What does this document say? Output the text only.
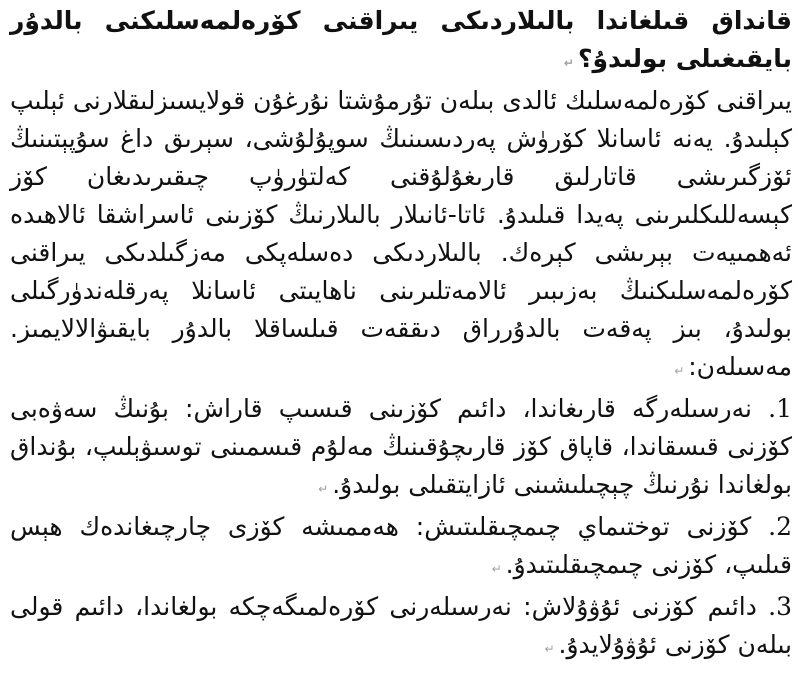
قانداق قىلغاندا بالىلاردىكى يىراقنى كۆرەلمەسلىكنى بالدۇر بايقىغىلى بولىدۇ؟↵

يىراقنى كۆرەلمەسلىك ئالدى بىلەن تۇرمۇشتا نۇرغۇن قولايسىزلىقلارنى ئېلىپ كېلىدۇ. يەنە ئاسانلا كۆرۈش پەردىسىنىڭ سوپۇلۇشى، سېرىق داغ سۇپېتىنىڭ ئۆزگىرىشى قاتارلىق قارىغۇلۇقنى كەلتۈرۈپ چىقىرىدىغان كۆز كېسەللىكلىرىنى پەيدا قىلىدۇ. ئاتا-ئانىلار بالىلارنىڭ كۆزىنى ئاسراشقا ئالاھىدە ئەھمىيەت بېرىشى كېرەك. بالىلاردىكى دەسلەپكى مەزگىلدىكى يىراقنى كۆرەلمەسلىكنىڭ بەزىبىر ئالامەتلىرىنى ناھايىتى ئاسانلا پەرقلەندۈرگىلى بولىدۇ، بىز پەقەت بالدۇرراق دىققەت قىلساقلا بالدۇر بايقىۋالالايمىز. مەسىلەن:↵

1. نەرسىلەرگە قارىغاندا، دائىم كۆزىنى قىسىپ قاراش: بۇنىڭ سەۋەبى كۆزنى قىسقاندا، قاپاق كۆز قارىچۇقىنىڭ مەلۇم قىسمىنى توسىۋېلىپ، بۇنداق بولغاندا نۇرنىڭ چېچىلىشىنى ئازايتقىلى بولىدۇ.↵

2. كۆزنى توختىماي چىمچىقلىتىش: ھەممىشە كۆزى چارچىغاندەك ھېس قىلىپ، كۆزنى چىمچىقلىتىدۇ.↵

3. دائىم كۆزنى ئۇۋۇلاش: نەرسىلەرنى كۆرەلمىگەچكە بولغاندا، دائىم قولى بىلەن كۆزنى ئۇۋۇلايدۇ.↵
